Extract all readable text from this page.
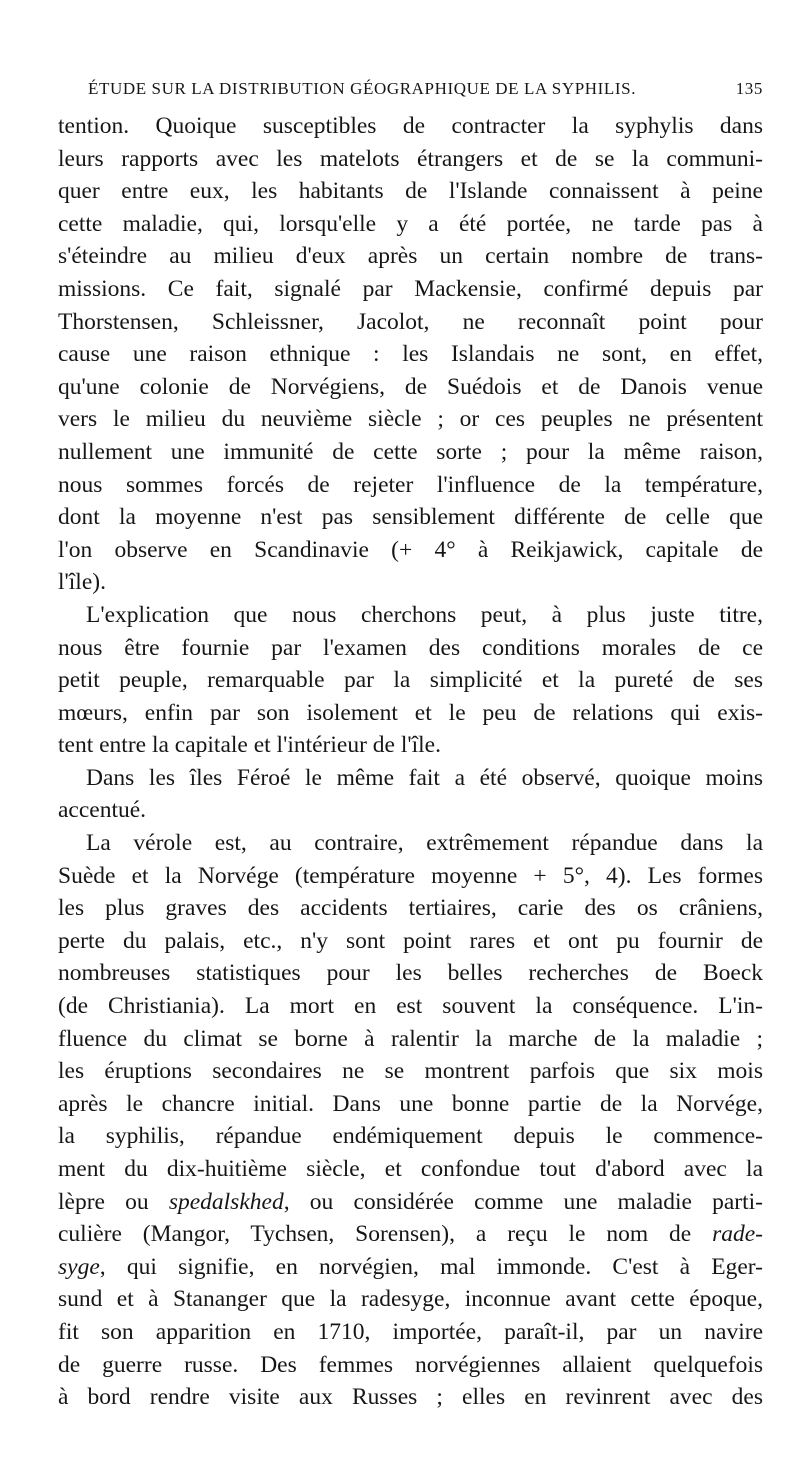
ÉTUDE SUR LA DISTRIBUTION GÉOGRAPHIQUE DE LA SYPHILIS.	135
tention. Quoique susceptibles de contracter la syphylis dans
leurs rapports avec les matelots étrangers et de se la communi-
quer entre eux, les habitants de l'Islande connaissent à peine
cette maladie, qui, lorsqu'elle y a été portée, ne tarde pas à
s'éteindre au milieu d'eux après un certain nombre de trans-
missions. Ce fait, signalé par Mackensie, confirmé depuis par
Thorstensen, Schleissner, Jacolot, ne reconnaît point pour
cause une raison ethnique : les Islandais ne sont, en effet,
qu'une colonie de Norvégiens, de Suédois et de Danois venue
vers le milieu du neuvième siècle ; or ces peuples ne présentent
nullement une immunité de cette sorte ; pour la même raison,
nous sommes forcés de rejeter l'influence de la température,
dont la moyenne n'est pas sensiblement différente de celle que
l'on observe en Scandinavie (+ 4° à Reikjawick, capitale de
l'île).
L'explication que nous cherchons peut, à plus juste titre,
nous être fournie par l'examen des conditions morales de ce
petit peuple, remarquable par la simplicité et la pureté de ses
mœurs, enfin par son isolement et le peu de relations qui exis-
tent entre la capitale et l'intérieur de l'île.
Dans les îles Féroé le même fait a été observé, quoique moins
accentué.
La vérole est, au contraire, extrêmement répandue dans la
Suède et la Norvége (température moyenne + 5°, 4). Les formes
les plus graves des accidents tertiaires, carie des os crâniens,
perte du palais, etc., n'y sont point rares et ont pu fournir de
nombreuses statistiques pour les belles recherches de Boeck
(de Christiania). La mort en est souvent la conséquence. L'in-
fluence du climat se borne à ralentir la marche de la maladie ;
les éruptions secondaires ne se montrent parfois que six mois
après le chancre initial. Dans une bonne partie de la Norvége,
la syphilis, répandue endémiquement depuis le commence-
ment du dix-huitième siècle, et confondue tout d'abord avec la
lèpre ou spedalskhed, ou considérée comme une maladie parti-
culière (Mangor, Tychsen, Sorensen), a reçu le nom de rade-
syge, qui signifie, en norvégien, mal immonde. C'est à Eger-
sund et à Stananger que la radesyge, inconnue avant cette époque,
fit son apparition en 1710, importée, paraît-il, par un navire
de guerre russe. Des femmes norvégiennes allaient quelquefois
à bord rendre visite aux Russes ; elles en revinrent avec des
